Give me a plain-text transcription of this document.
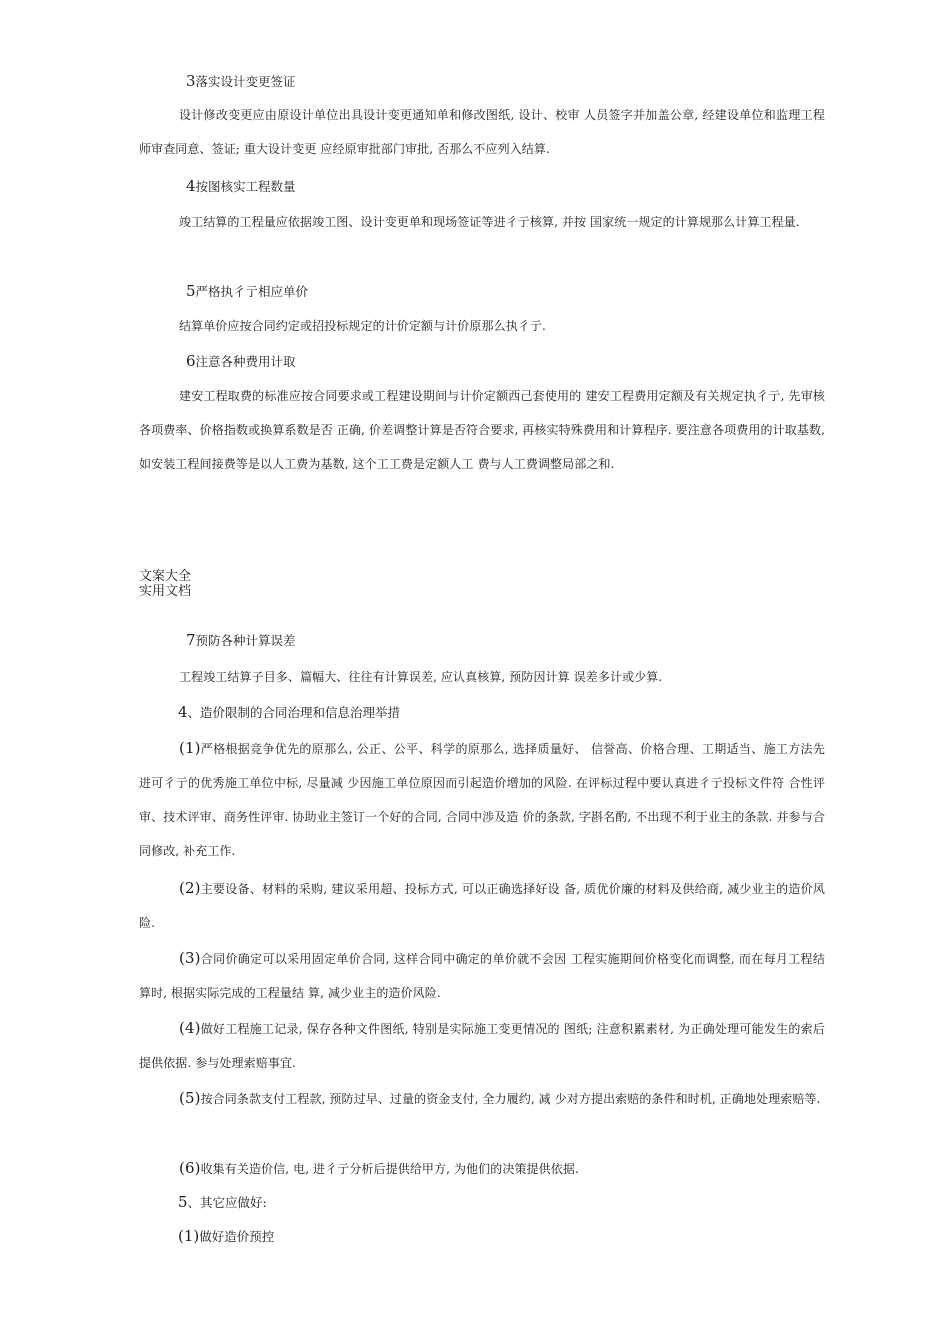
3落实设计变更签证

设计修改变更应由原设计单位出具设计变更通知单和修改图纸, 设计、校审 人员签字并加盖公章, 经建设单位和监理工程师审查同意、签证; 重大设计变更 应经原审批部门审批, 否那么不应列入结算.

4按图核实工程数量

竣工结算的工程量应依据竣工图、设计变更单和现场签证等进彳亍核算, 并按 国家统一规定的计算规那么计算工程量.

5严格执彳亍相应单价

结算单价应按合同约定或招投标规定的计价定额与计价原那么执彳亍.

6注意各种费用计取

建安工程取费的标准应按合同要求或工程建设期间与计价定额西己套使用的 建安工程费用定额及有关规定执彳亍, 先审核各项费率、价格指数或换算系数是否 正确, 价差调整计算是否符合要求, 再核实特殊费用和计算程序. 要注意各项费用的计取基数, 如安装工程间接费等是以人工费为基数, 这个工工费是定额人工 费与人工费调整局部之和.

文案大全
实用文档
7预防各种计算误差

工程竣工结算子目多、篇幅大、往往有计算误差, 应认真核算, 预防因计算 误差多计或少算.

4、造价限制的合同治理和信息治理举措

(1)严格根据竞争优先的原那么, 公正、公平、科学的原那么, 选择质量好、 信誉高、价格合理、工期适当、施工方法先进可彳亍的优秀施工单位中标, 尽量减 少因施工单位原因而引起造价增加的风险. 在评标过程中要认真进彳亍投标文件符 合性评审、技术评审、商务性评审. 协助业主签订一个好的合同, 合同中涉及造 价的条款, 字斟名酌, 不出现不利于业主的条款. 并参与合同修改, 补充工作.

(2)主要设备、材料的采购, 建议采用超、投标方式, 可以正确选择好设 备, 质优价廉的材料及供给商, 减少业主的造价风险.

(3)合同价确定可以采用固定单价合同, 这样合同中确定的单价就不会因 工程实施期间价格变化而调整, 而在每月工程结算时, 根据实际完成的工程量结 算, 减少业主的造价风险.

(4)做好工程施工记录, 保存各种文件图纸, 特别是实际施工变更情况的 图纸; 注意积累素材, 为正确处理可能发生的索后提供依据. 参与处理索赔事宜.

(5)按合同条款支付工程款, 预防过早、过量的资金支付, 全力履约, 减 少对方提出索赔的条件和时机, 正确地处理索赔等.

(6)收集有关造价信, 电, 进彳亍分析后提供给甲方, 为他们的决策提供依据.

5、其它应做好:
(1)做好造价预控
